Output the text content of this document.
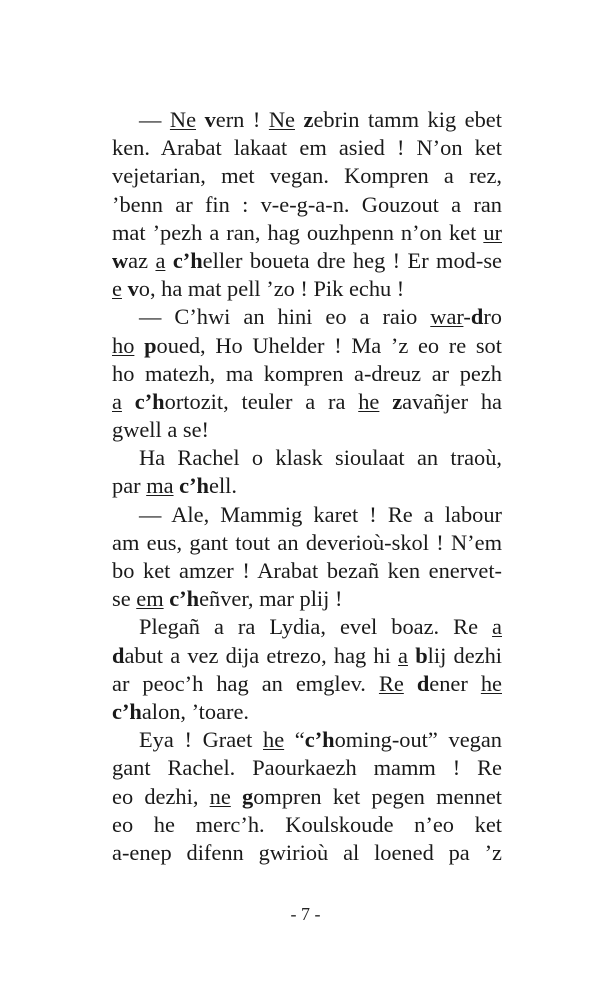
— Ne vern ! Ne zebrin tamm kig ebet
ken. Arabat lakaat em asied ! N’on ket
vejetarian, met vegan. Kompren a rez,
’benn ar fin : v-e-g-a-n. Gouzout a ran
mat ’pezh a ran, hag ouzhpenn n’on ket ur
waz a c’heller boueta dre heg ! Er mod-se
e vo, ha mat pell ’zo ! Pik echu !
— C’hwi an hini eo a raio war-dro
ho poued, Ho Uhelder ! Ma ’z eo re sot
ho matezh, ma kompren a-dreuz ar pezh
a c’hortozit, teuler a ra he zavañjer ha
gwell a se!
Ha Rachel o klask sioulaat an traoù,
par ma c’hell.
— Ale, Mammig karet ! Re a labour
am eus, gant tout an deverioù-skol ! N’em
bo ket amzer ! Arabat bezañ ken enervet-
se em c’heñver, mar plij !
Plegañ a ra Lydia, evel boaz. Re a
dabut a vez dija etrezo, hag hi a blij dezhi
ar peoc’h hag an emglev. Re dener he
c’halon, ’toare.
Eya ! Graet he “c’homing-out” vegan
gant Rachel. Paourkaezh mamm ! Re
eo dezhi, ne gompren ket pegen mennet
eo he merc’h. Koulskoude n’eo ket
a-enep difenn gwirioù al loened pa ’z
- 7 -
